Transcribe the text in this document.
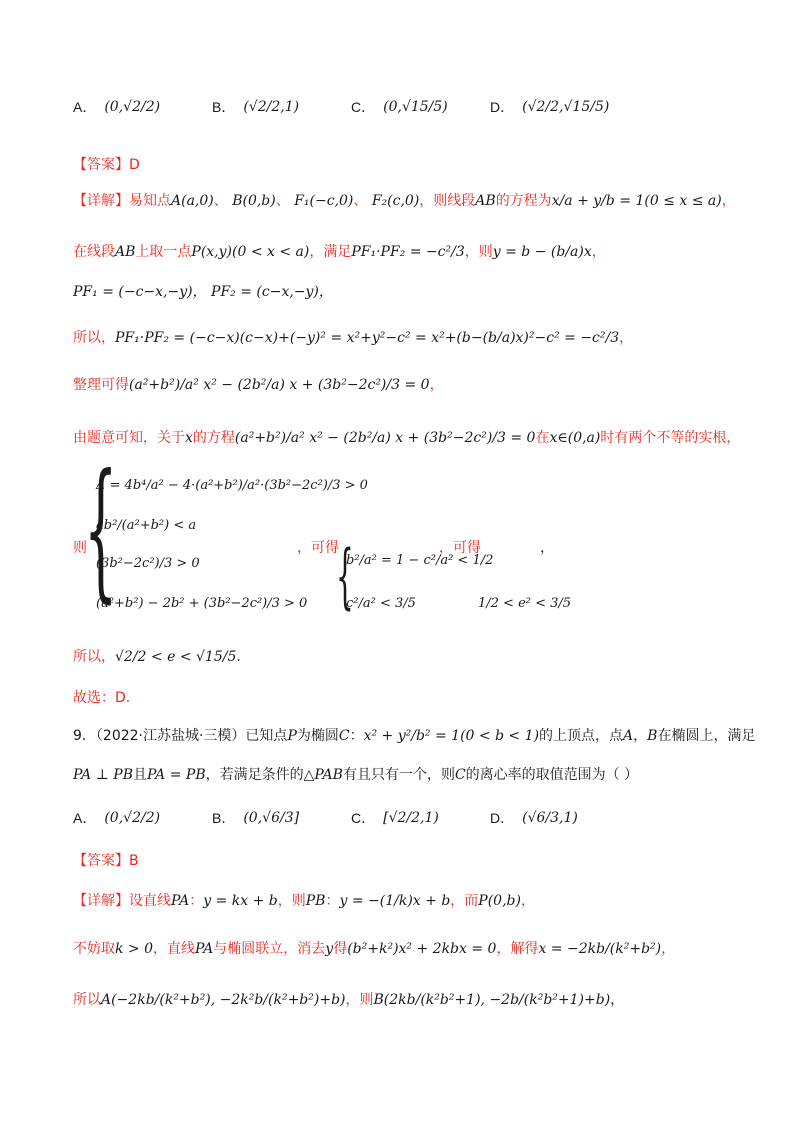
A． (0,√2/2)	B． (√2/2,1)	C． (0,√15/5)	D． (√2/2,√15/5)
【答案】D
【详解】易知点A(a,0)、 B(0,b)、 F₁(−c,0)、 F₂(c,0)，则线段AB的方程为x/a + y/b = 1(0 ≤ x ≤ a)，
在线段AB上取一点P(x,y)(0 < x < a)，满足PF₁·PF₂ = −c²/3，则y = b − (b/a)x，
PF₁ = (−c−x,−y)， PF₂ = (c−x,−y)，
所以，PF₁·PF₂ = (−c−x)(c−x)+(−y)² = x²+y²−c² = x²+(b−(b/a)x)²−c² = −c²/3，
整理可得(a²+b²)/a² x² − (2b²/a) x + (3b²−2c²)/3 = 0，
由题意可知，关于x的方程(a²+b²)/a² x² − (2b²/a) x + (3b²−2c²)/3 = 0在x∈(0,a)时有两个不等的实根，
则
{
Δ = 4b⁴/a² − 4·(a²+b²)/a²·(3b²−2c²)/3 > 0
ab²/(a²+b²) < a
(3b²−2c²)/3 > 0
(a²+b²) − 2b² + (3b²−2c²)/3 > 0
，可得
{
b²/a² = 1 − c²/a² < 1/2
c²/a² < 3/5
，可得
1/2 < e² < 3/5
，
所以，√2/2 < e < √15/5.
故选：D.
9．（2022·江苏盐城·三模）已知点P为椭圆C：x² + y²/b² = 1(0 < b < 1)的上顶点，点A，B在椭圆上，满足
PA ⊥ PB且PA = PB，若满足条件的△PAB有且只有一个，则C的离心率的取值范围为（ ）
A． (0,√2/2)	B． (0,√6/3]	C． [√2/2,1)	D． (√6/3,1)
【答案】B
【详解】设直线PA：y = kx + b，则PB：y = −(1/k)x + b，而P(0,b)，
不妨取k > 0，直线PA与椭圆联立，消去y得(b²+k²)x² + 2kbx = 0，解得x = −2kb/(k²+b²)，
所以A(−2kb/(k²+b²), −2k²b/(k²+b²)+b)，则B(2kb/(k²b²+1), −2b/(k²b²+1)+b)，
